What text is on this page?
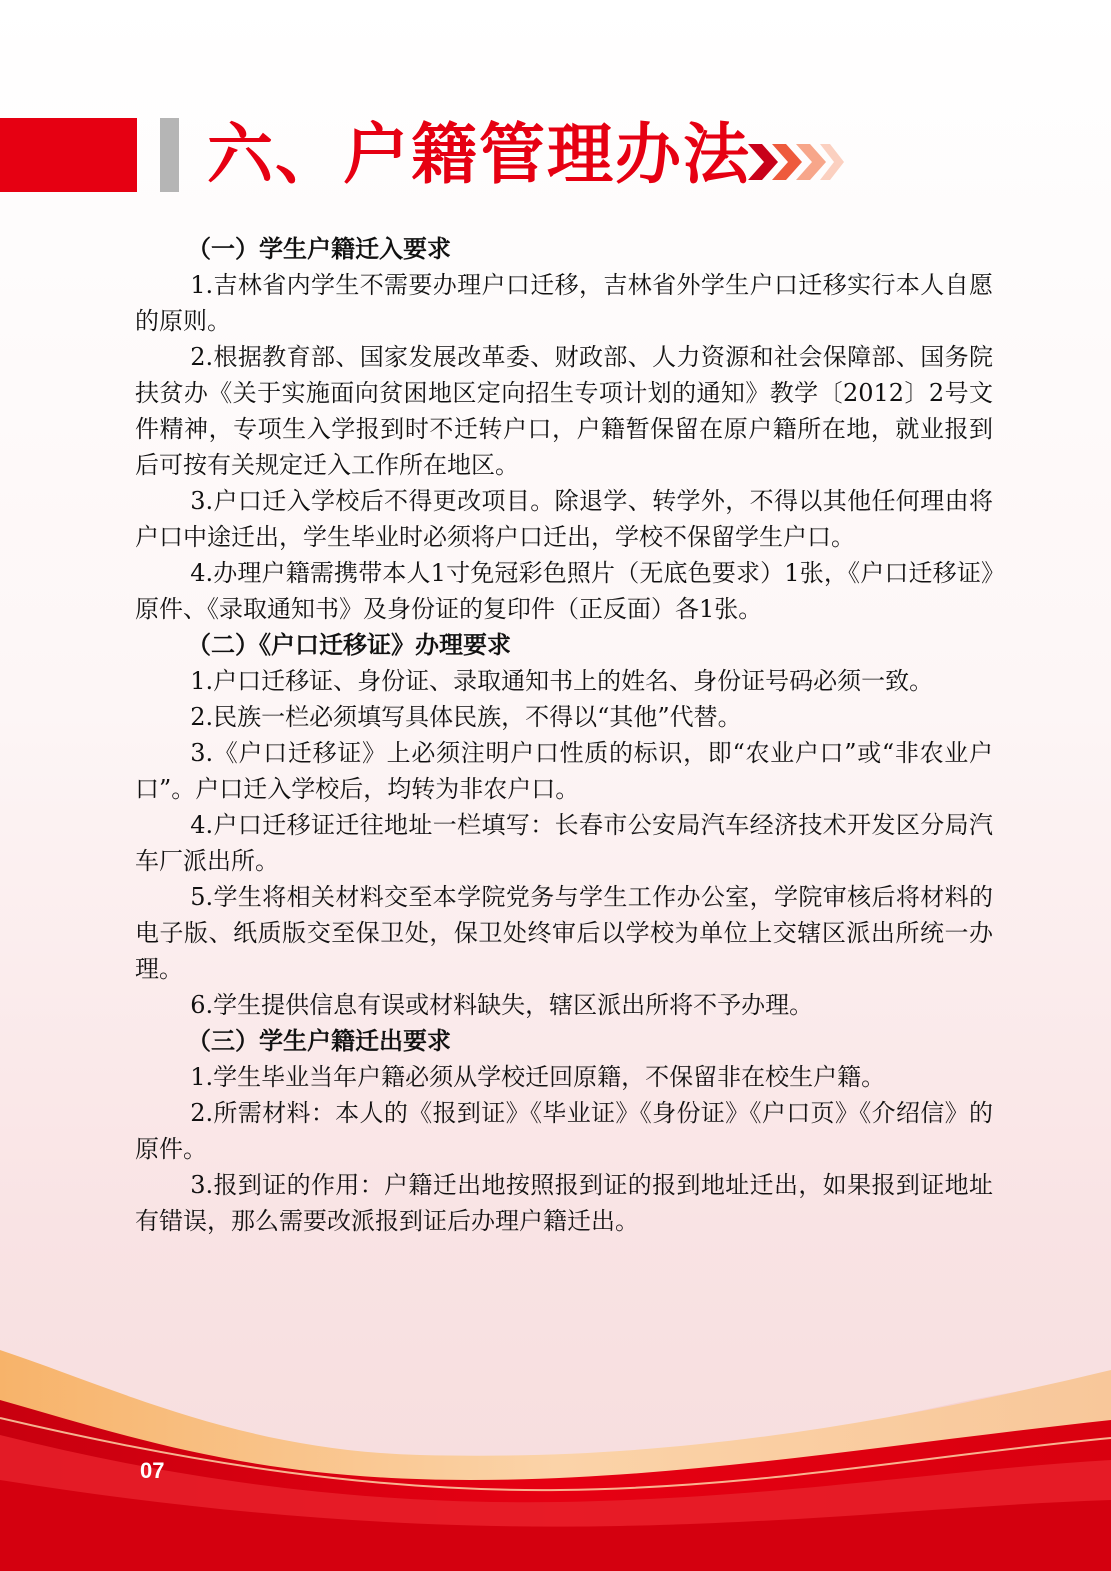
六、户籍管理办法
（一）学生户籍迁入要求

1.吉林省内学生不需要办理户口迁移，吉林省外学生户口迁移实行本人自愿的原则。

2.根据教育部、国家发展改革委、财政部、人力资源和社会保障部、国务院扶贫办《关于实施面向贫困地区定向招生专项计划的通知》教学〔2012〕2号文件精神，专项生入学报到时不迁转户口，户籍暂保留在原户籍所在地，就业报到后可按有关规定迁入工作所在地区。

3.户口迁入学校后不得更改项目。除退学、转学外，不得以其他任何理由将户口中途迁出，学生毕业时必须将户口迁出，学校不保留学生户口。

4.办理户籍需携带本人1寸免冠彩色照片（无底色要求）1张，《户口迁移证》原件、《录取通知书》及身份证的复印件（正反面）各1张。

（二）《户口迁移证》办理要求

1.户口迁移证、身份证、录取通知书上的姓名、身份证号码必须一致。

2.民族一栏必须填写具体民族，不得以“其他”代替。

3.《户口迁移证》上必须注明户口性质的标识，即“农业户口”或“非农业户口”。户口迁入学校后，均转为非农户口。

4.户口迁移证迁往地址一栏填写：长春市公安局汽车经济技术开发区分局汽车厂派出所。

5.学生将相关材料交至本学院党务与学生工作办公室，学院审核后将材料的电子版、纸质版交至保卫处，保卫处终审后以学校为单位上交辖区派出所统一办理。

6.学生提供信息有误或材料缺失，辖区派出所将不予办理。

（三）学生户籍迁出要求

1.学生毕业当年户籍必须从学校迁回原籍，不保留非在校生户籍。

2.所需材料：本人的《报到证》《毕业证》《身份证》《户口页》《介绍信》的原件。

3.报到证的作用：户籍迁出地按照报到证的报到地址迁出，如果报到证地址有错误，那么需要改派报到证后办理户籍迁出。

07
